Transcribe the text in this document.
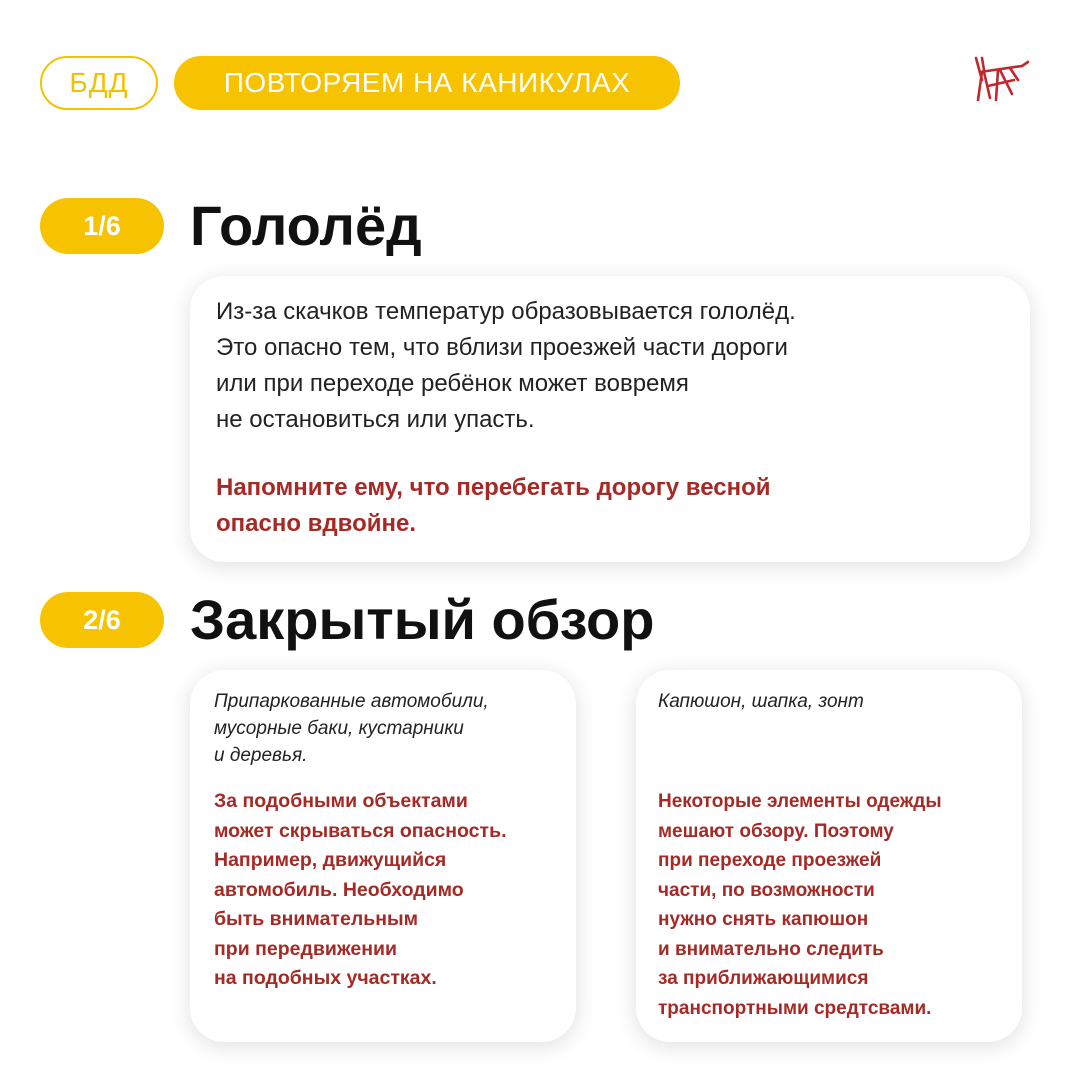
БДД	ПОВТОРЯЕМ НА КАНИКУЛАХ
1/6 Гололёд

Из-за скачков температур образовывается гололёд.
Это опасно тем, что вблизи проезжей части дороги
или при переходе ребёнок может вовремя
не остановиться или упасть.

Напомните ему, что перебегать дорогу весной
опасно вдвойне.

2/6 Закрытый обзор

Припаркованные автомобили,
мусорные баки, кустарники
и деревья.

За подобными объектами
может скрываться опасность.
Например, движущийся
автомобиль. Необходимо
быть внимательным
при передвижении
на подобных участках.

Капюшон, шапка, зонт

Некоторые элементы одежды
мешают обзору. Поэтому
при переходе проезжей
части, по возможности
нужно снять капюшон
и внимательно следить
за приближающимися
транспортными средтсвами.
